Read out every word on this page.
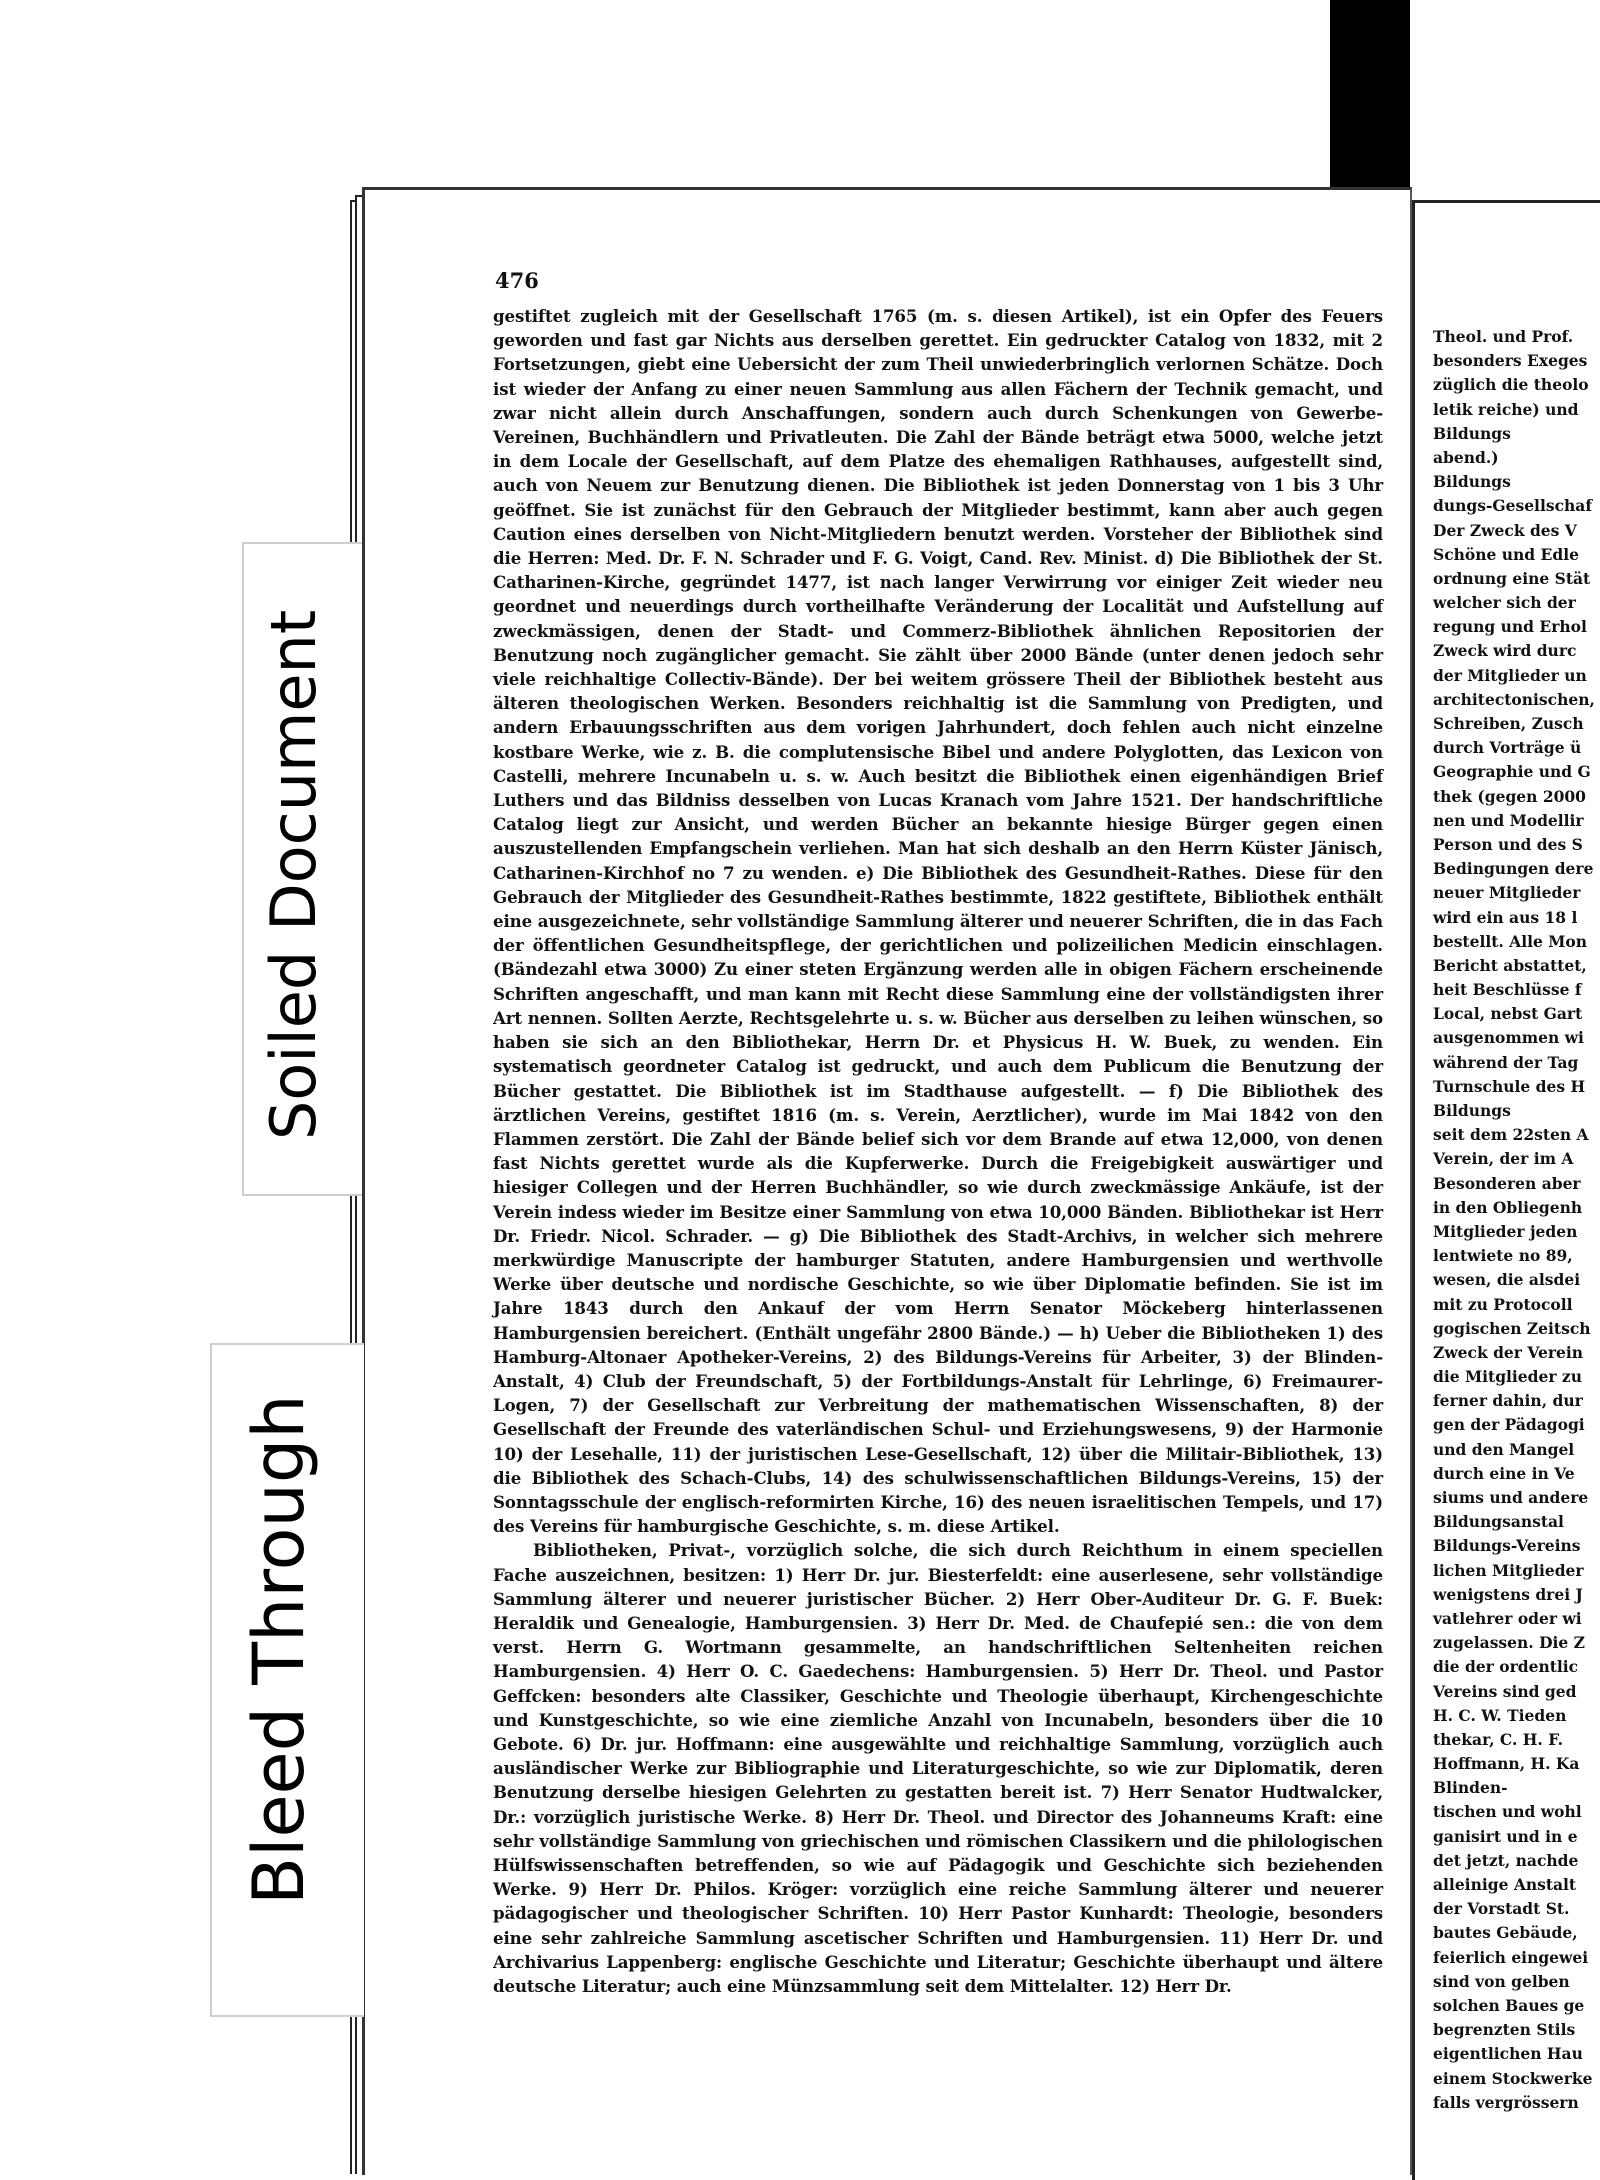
476

gestiftet zugleich mit der Gesellschaft 1765 (m. s. diesen Artikel), ist ein Opfer des Feuers geworden und fast gar Nichts aus derselben gerettet. Ein gedruckter Catalog von 1832, mit 2 Fortsetzungen, giebt eine Uebersicht der zum Theil unwiederbringlich verlornen Schätze. Doch ist wieder der Anfang zu einer neuen Sammlung aus allen Fächern der Technik gemacht, und zwar nicht allein durch Anschaffungen, sondern auch durch Schenkungen von Gewerbe-Vereinen, Buchhändlern und Privatleuten. Die Zahl der Bände beträgt etwa 5000, welche jetzt in dem Locale der Gesellschaft, auf dem Platze des ehemaligen Rathhauses, aufgestellt sind, auch von Neuem zur Benutzung dienen. Die Bibliothek ist jeden Donnerstag von 1 bis 3 Uhr geöffnet. Sie ist zunächst für den Gebrauch der Mitglieder bestimmt, kann aber auch gegen Caution eines derselben von Nicht-Mitgliedern benutzt werden. Vorsteher der Bibliothek sind die Herren: Med. Dr. F. N. Schrader und F. G. Voigt, Cand. Rev. Minist. d) Die Bibliothek der St. Catharinen-Kirche, gegründet 1477, ist nach langer Verwirrung vor einiger Zeit wieder neu geordnet und neuerdings durch vortheilhafte Veränderung der Localität und Aufstellung auf zweckmässigen, denen der Stadt- und Commerz-Bibliothek ähnlichen Repositorien der Benutzung noch zugänglicher gemacht. Sie zählt über 2000 Bände (unter denen jedoch sehr viele reichhaltige Collectiv-Bände). Der bei weitem grössere Theil der Bibliothek besteht aus älteren theologischen Werken. Besonders reichhaltig ist die Sammlung von Predigten, und andern Erbauungsschriften aus dem vorigen Jahrhundert, doch fehlen auch nicht einzelne kostbare Werke, wie z. B. die complutensische Bibel und andere Polyglotten, das Lexicon von Castelli, mehrere Incunabeln u. s. w. Auch besitzt die Bibliothek einen eigenhändigen Brief Luthers und das Bildniss desselben von Lucas Kranach vom Jahre 1521. Der handschriftliche Catalog liegt zur Ansicht, und werden Bücher an bekannte hiesige Bürger gegen einen auszustellenden Empfangschein verliehen. Man hat sich deshalb an den Herrn Küster Jänisch, Catharinen-Kirchhof no 7 zu wenden. e) Die Bibliothek des Gesundheit-Rathes. Diese für den Gebrauch der Mitglieder des Gesundheit-Rathes bestimmte, 1822 gestiftete, Bibliothek enthält eine ausgezeichnete, sehr vollständige Sammlung älterer und neuerer Schriften, die in das Fach der öffentlichen Gesundheitspflege, der gerichtlichen und polizeilichen Medicin einschlagen. (Bändezahl etwa 3000) Zu einer steten Ergänzung werden alle in obigen Fächern erscheinende Schriften angeschafft, und man kann mit Recht diese Sammlung eine der vollständigsten ihrer Art nennen. Sollten Aerzte, Rechtsgelehrte u. s. w. Bücher aus derselben zu leihen wünschen, so haben sie sich an den Bibliothekar, Herrn Dr. et Physicus H. W. Buek, zu wenden. Ein systematisch geordneter Catalog ist gedruckt, und auch dem Publicum die Benutzung der Bücher gestattet. Die Bibliothek ist im Stadthause aufgestellt. — f) Die Bibliothek des ärztlichen Vereins, gestiftet 1816 (m. s. Verein, Aerztlicher), wurde im Mai 1842 von den Flammen zerstört. Die Zahl der Bände belief sich vor dem Brande auf etwa 12,000, von denen fast Nichts gerettet wurde als die Kupferwerke. Durch die Freigebigkeit auswärtiger und hiesiger Collegen und der Herren Buchhändler, so wie durch zweckmässige Ankäufe, ist der Verein indess wieder im Besitze einer Sammlung von etwa 10,000 Bänden. Bibliothekar ist Herr Dr. Friedr. Nicol. Schrader. — g) Die Bibliothek des Stadt-Archivs, in welcher sich mehrere merkwürdige Manuscripte der hamburger Statuten, andere Hamburgensien und werthvolle Werke über deutsche und nordische Geschichte, so wie über Diplomatie befinden. Sie ist im Jahre 1843 durch den Ankauf der vom Herrn Senator Möckeberg hinterlassenen Hamburgensien bereichert. (Enthält ungefähr 2800 Bände.) — h) Ueber die Bibliotheken 1) des Hamburg-Altonaer Apotheker-Vereins, 2) des Bildungs-Vereins für Arbeiter, 3) der Blinden-Anstalt, 4) Club der Freundschaft, 5) der Fortbildungs-Anstalt für Lehrlinge, 6) Freimaurer-Logen, 7) der Gesellschaft zur Verbreitung der mathematischen Wissenschaften, 8) der Gesellschaft der Freunde des vaterländischen Schul- und Erziehungswesens, 9) der Harmonie 10) der Lesehalle, 11) der juristischen Lese-Gesellschaft, 12) über die Militair-Bibliothek, 13) die Bibliothek des Schach-Clubs, 14) des schulwissenschaftlichen Bildungs-Vereins, 15) der Sonntagsschule der englisch-reformirten Kirche, 16) des neuen israelitischen Tempels, und 17) des Vereins für hamburgische Geschichte, s. m. diese Artikel.

Bibliotheken, Privat-, vorzüglich solche, die sich durch Reichthum in einem speciellen Fache auszeichnen, besitzen: 1) Herr Dr. jur. Biesterfeldt: eine auserlesene, sehr vollständige Sammlung älterer und neuerer juristischer Bücher. 2) Herr Ober-Auditeur Dr. G. F. Buek: Heraldik und Genealogie, Hamburgensien. 3) Herr Dr. Med. de Chaufepié sen.: die von dem verst. Herrn G. Wortmann gesammelte, an handschriftlichen Seltenheiten reichen Hamburgensien. 4) Herr O. C. Gaedechens: Hamburgensien. 5) Herr Dr. Theol. und Pastor Geffcken: besonders alte Classiker, Geschichte und Theologie überhaupt, Kirchengeschichte und Kunstgeschichte, so wie eine ziemliche Anzahl von Incunabeln, besonders über die 10 Gebote. 6) Dr. jur. Hoffmann: eine ausgewählte und reichhaltige Sammlung, vorzüglich auch ausländischer Werke zur Bibliographie und Literaturgeschichte, so wie zur Diplomatik, deren Benutzung derselbe hiesigen Gelehrten zu gestatten bereit ist. 7) Herr Senator Hudtwalcker, Dr.: vorzüglich juristische Werke. 8) Herr Dr. Theol. und Director des Johanneums Kraft: eine sehr vollständige Sammlung von griechischen und römischen Classikern und die philologischen Hülfswissenschaften betreffenden, so wie auf Pädagogik und Geschichte sich beziehenden Werke. 9) Herr Dr. Philos. Kröger: vorzüglich eine reiche Sammlung älterer und neuerer pädagogischer und theologischer Schriften. 10) Herr Pastor Kunhardt: Theologie, besonders eine sehr zahlreiche Sammlung ascetischer Schriften und Hamburgensien. 11) Herr Dr. und Archivarius Lappenberg: englische Geschichte und Literatur; Geschichte überhaupt und ältere deutsche Literatur; auch eine Münzsammlung seit dem Mittelalter. 12) Herr Dr.

Theol. und Prof.
besonders Exeges
züglich die theolo
letik reiche) und
Bildungs
abend.)
Bildungs
dungs-Gesellschaf
Der Zweck des V
Schöne und Edle
ordnung eine Stät
welcher sich der
regung und Erhol
Zweck wird durc
der Mitglieder un
architectonischen,
Schreiben, Zusch
durch Vorträge ü
Geographie und G
thek (gegen 2000
nen und Modellir
Person und des S
Bedingungen dere
neuer Mitglieder
wird ein aus 18 l
bestellt. Alle Mon
Bericht abstattet,
heit Beschlüsse f
Local, nebst Gart
ausgenommen wi
während der Tag
Turnschule des H
Bildungs
seit dem 22sten A
Verein, der im A
Besonderen aber
in den Obliegenh
Mitglieder jeden
lentwiete no 89,
wesen, die alsdei
mit zu Protocoll
gogischen Zeitsch
Zweck der Verein
die Mitglieder zu
ferner dahin, dur
gen der Pädagogi
und den Mangel
durch eine in Ve
siums und andere
Bildungsanstal
Bildungs-Vereins
lichen Mitglieder
wenigstens drei J
vatlehrer oder wi
zugelassen. Die Z
die der ordentlic
Vereins sind ged
H. C. W. Tieden
thekar, C. H. F.
Hoffmann, H. Ka
Blinden-
tischen und wohl
ganisirt und in e
det jetzt, nachde
alleinige Anstalt
der Vorstadt St.
bautes Gebäude,
feierlich eingewei
sind von gelben
solchen Baues ge
begrenzten Stils
eigentlichen Hau
einem Stockwerke
falls vergrössern
Soiled Document
Bleed Through
